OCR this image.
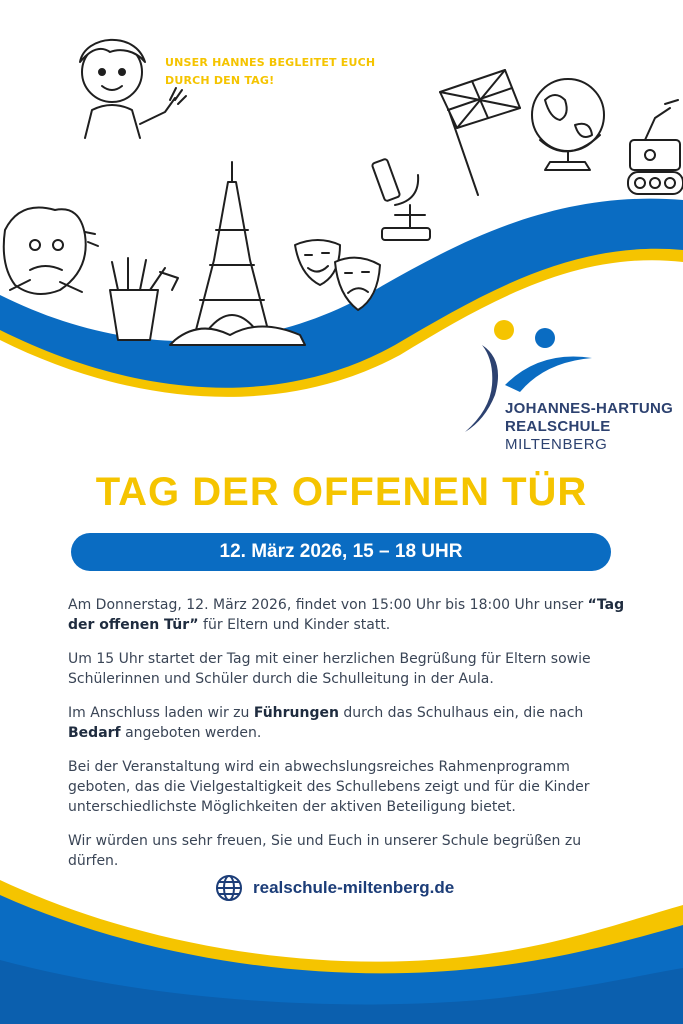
UNSER HANNES BEGLEITET EUCH
DURCH DEN TAG!
JOHANNES-HARTUNG
REALSCHULE
MILTENBERG
TAG DER OFFENEN TÜR
12. März 2026, 15 – 18 UHR

Am Donnerstag, 12. März 2026, findet von 15:00 Uhr bis 18:00 Uhr unser “Tag der offenen Tür” für Eltern und Kinder statt.

Um 15 Uhr startet der Tag mit einer herzlichen Begrüßung für Eltern sowie Schülerinnen und Schüler durch die Schulleitung in der Aula.

Im Anschluss laden wir zu Führungen durch das Schulhaus ein, die nach Bedarf angeboten werden.

Bei der Veranstaltung wird ein abwechslungsreiches Rahmenprogramm geboten, das die Vielgestaltigkeit des Schullebens zeigt und für die Kinder unterschiedlichste Möglichkeiten der aktiven Beteiligung bietet.

Wir würden uns sehr freuen, Sie und Euch in unserer Schule begrüßen zu dürfen.

realschule-miltenberg.de
